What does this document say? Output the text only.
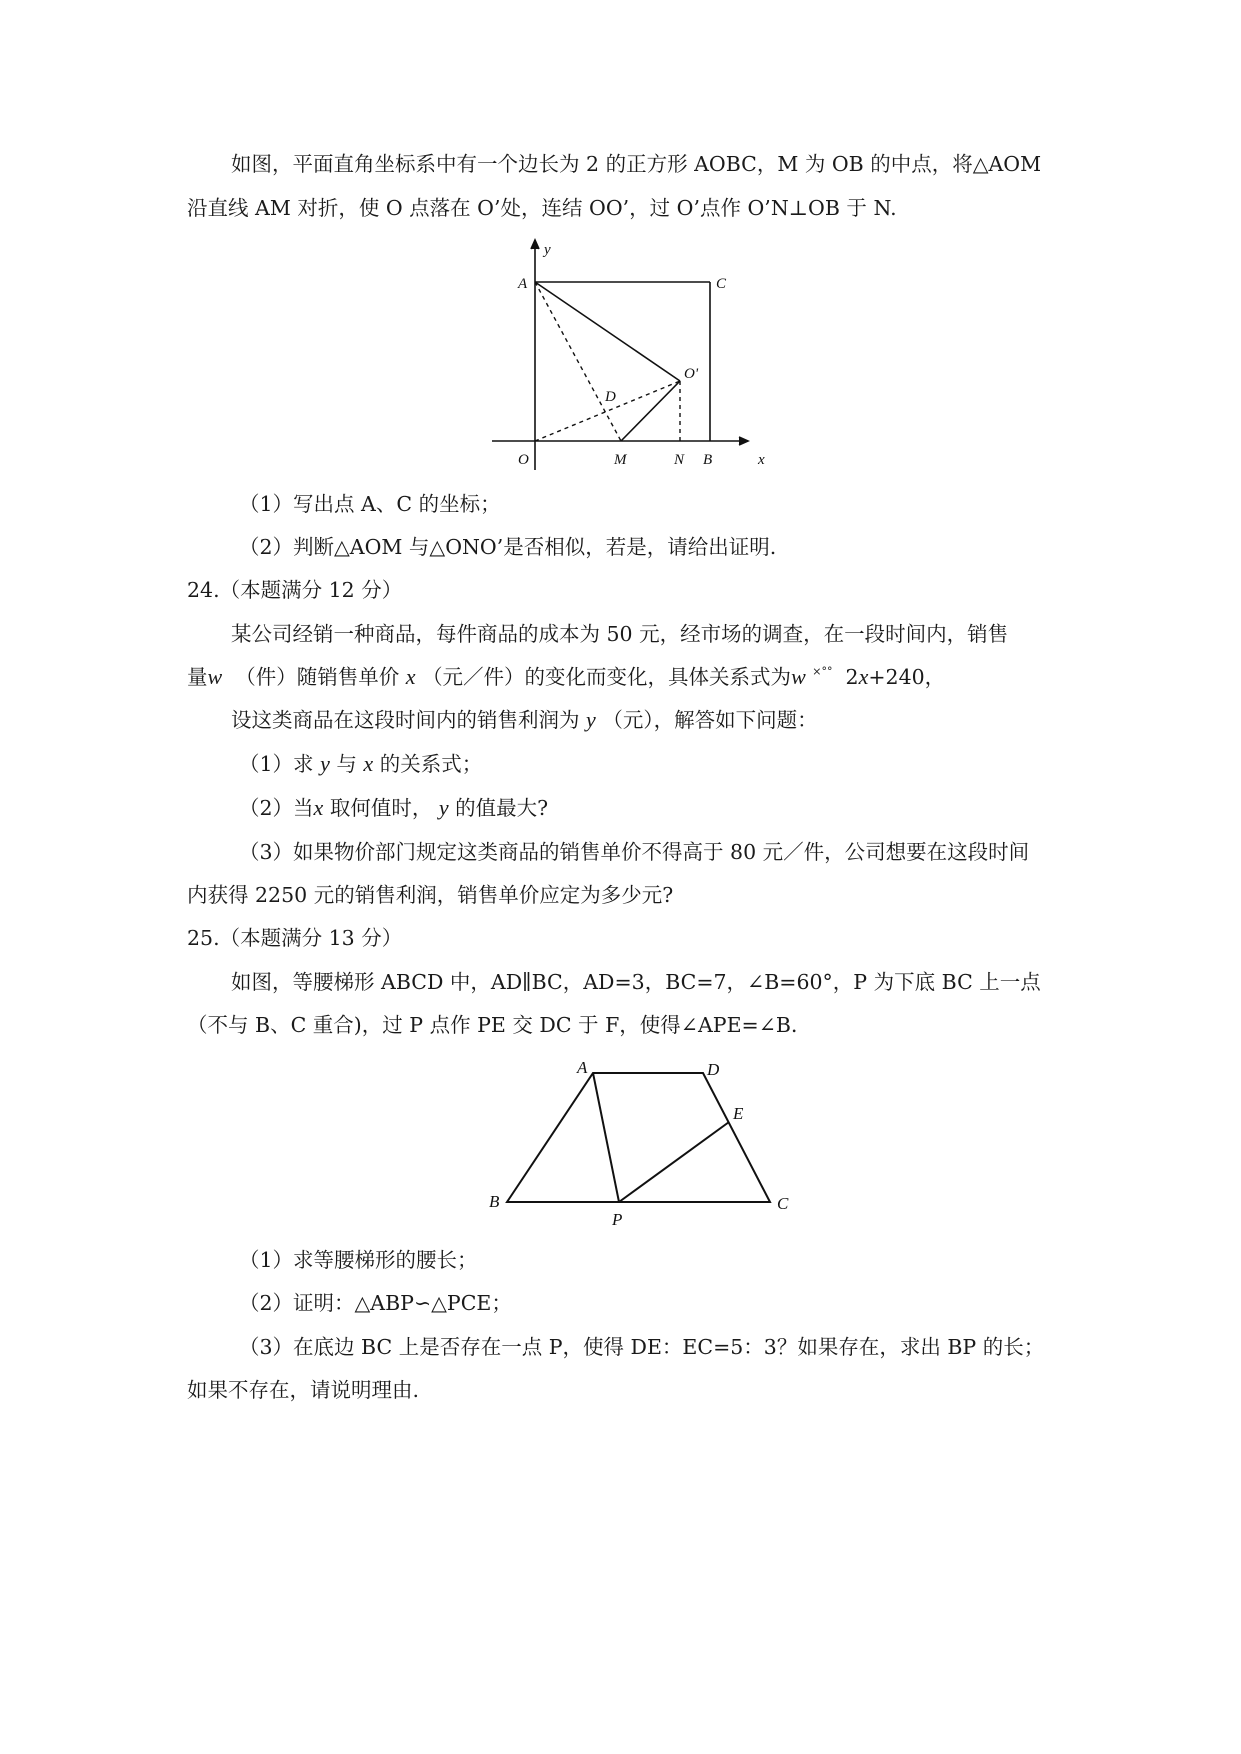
如图，平面直角坐标系中有一个边长为 2 的正方形 AOBC，M 为 OB 的中点，将△AOM
沿直线 AM 对折，使 O 点落在 O’处，连结 OO’，过 O’点作 O’N⊥OB 于 N.
y
A	C
O'
D
O	M	N B	x
（1）写出点 A、C 的坐标；
（2）判断△AOM 与△ONO’是否相似，若是，请给出证明.
24.（本题满分 12 分）
某公司经销一种商品，每件商品的成本为 50 元，经市场的调查，在一段时间内，销售
量w （件）随销售单价 x （元／件）的变化而变化，具体关系式为w ×°°  2x+240，
设这类商品在这段时间内的销售利润为 y （元），解答如下问题：
（1）求 y 与 x 的关系式；
（2）当x 取何值时， y 的值最大?
（3）如果物价部门规定这类商品的销售单价不得高于 80 元／件，公司想要在这段时间
内获得 2250 元的销售利润，销售单价应定为多少元?
25.（本题满分 13 分）
如图，等腰梯形 ABCD 中，AD∥BC，AD=3，BC=7，∠B=60°，P 为下底 BC 上一点
（不与 B、C 重合)，过 P 点作 PE 交 DC 于 F，使得∠APE=∠B．
A	D
E
B
P
C
（1）求等腰梯形的腰长；
（2）证明：△ABP∽△PCE；
（3）在底边 BC 上是否存在一点 P，使得 DE：EC=5：3？如果存在，求出 BP 的长；
如果不存在，请说明理由.
